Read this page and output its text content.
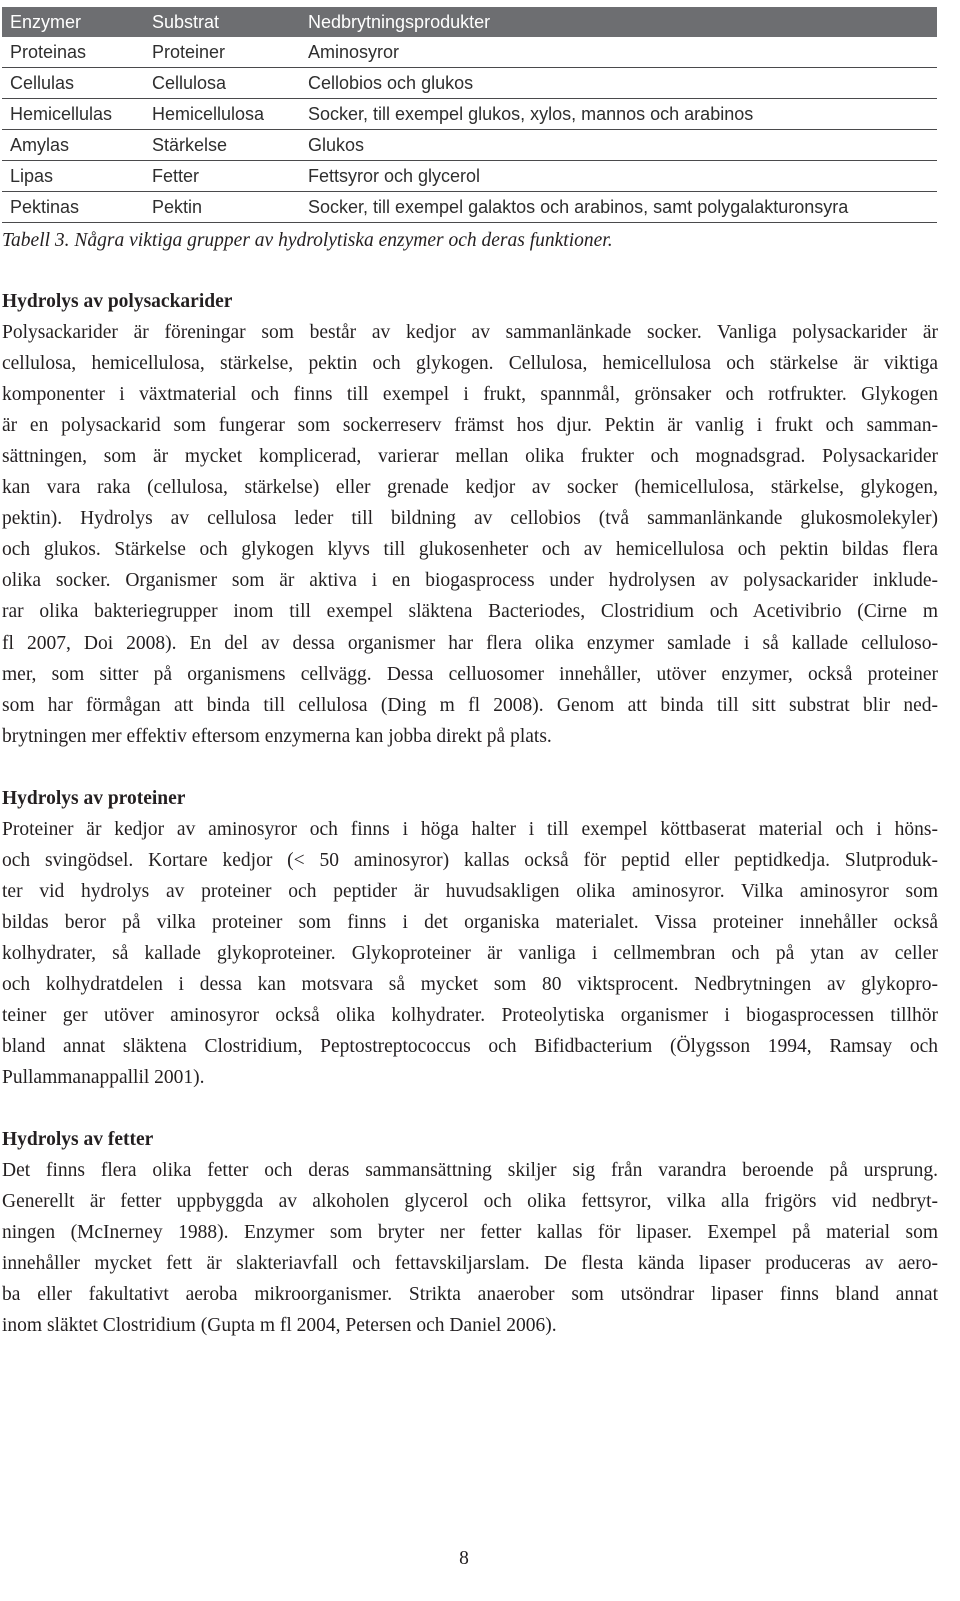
Enzymer	Substrat	Nedbrytningsprodukter
Proteinas	Proteiner	Aminosyror
Cellulas	Cellulosa	Cellobios och glukos
Hemicellulas	Hemicellulosa	Socker, till exempel glukos, xylos, mannos och arabinos
Amylas	Stärkelse	Glukos
Lipas	Fetter	Fettsyror och glycerol
Pektinas	Pektin	Socker, till exempel galaktos och arabinos, samt polygalakturonsyra
Tabell 3. Några viktiga grupper av hydrolytiska enzymer och deras funktioner.
Hydrolys av polysackarider
Polysackarider är föreningar som består av kedjor av sammanlänkade socker. Vanliga polysackarider är
cellulosa, hemicellulosa, stärkelse, pektin och glykogen. Cellulosa, hemicellulosa och stärkelse är viktiga
komponenter i växtmaterial och finns till exempel i frukt, spannmål, grönsaker och rotfrukter. Glykogen
är en polysackarid som fungerar som sockerreserv främst hos djur. Pektin är vanlig i frukt och samman-
sättningen, som är mycket komplicerad, varierar mellan olika frukter och mognadsgrad. Polysackarider
kan vara raka (cellulosa, stärkelse) eller grenade kedjor av socker (hemicellulosa, stärkelse, glykogen,
pektin). Hydrolys av cellulosa leder till bildning av cellobios (två sammanlänkande glukosmolekyler)
och glukos. Stärkelse och glykogen klyvs till glukosenheter och av hemicellulosa och pektin bildas flera
olika socker. Organismer som är aktiva i en biogasprocess under hydrolysen av polysackarider inklude-
rar olika bakteriegrupper inom till exempel släktena Bacteriodes, Clostridium och Acetivibrio (Cirne m
fl 2007, Doi 2008). En del av dessa organismer har flera olika enzymer samlade i så kallade celluloso-
mer, som sitter på organismens cellvägg. Dessa celluosomer innehåller, utöver enzymer, också proteiner
som har förmågan att binda till cellulosa (Ding m fl 2008). Genom att binda till sitt substrat blir ned-
brytningen mer effektiv eftersom enzymerna kan jobba direkt på plats.
Hydrolys av proteiner
Proteiner är kedjor av aminosyror och finns i höga halter i till exempel köttbaserat material och i höns-
och svingödsel. Kortare kedjor (< 50 aminosyror) kallas också för peptid eller peptidkedja. Slutproduk-
ter vid hydrolys av proteiner och peptider är huvudsakligen olika aminosyror. Vilka aminosyror som
bildas beror på vilka proteiner som finns i det organiska materialet. Vissa proteiner innehåller också
kolhydrater, så kallade glykoproteiner. Glykoproteiner är vanliga i cellmembran och på ytan av celler
och kolhydratdelen i dessa kan motsvara så mycket som 80 viktsprocent. Nedbrytningen av glykopro-
teiner ger utöver aminosyror också olika kolhydrater. Proteolytiska organismer i biogasprocessen tillhör
bland annat släktena Clostridium, Peptostreptococcus och Bifidbacterium (Ölygsson 1994, Ramsay och
Pullammanappallil 2001).
Hydrolys av fetter
Det finns flera olika fetter och deras sammansättning skiljer sig från varandra beroende på ursprung.
Generellt är fetter uppbyggda av alkoholen glycerol och olika fettsyror, vilka alla frigörs vid nedbryt-
ningen (McInerney 1988). Enzymer som bryter ner fetter kallas för lipaser. Exempel på material som
innehåller mycket fett är slakteriavfall och fettavskiljarslam. De flesta kända lipaser produceras av aero-
ba eller fakultativt aeroba mikroorganismer. Strikta anaerober som utsöndrar lipaser finns bland annat
inom släktet Clostridium (Gupta m fl 2004, Petersen och Daniel 2006).
8
